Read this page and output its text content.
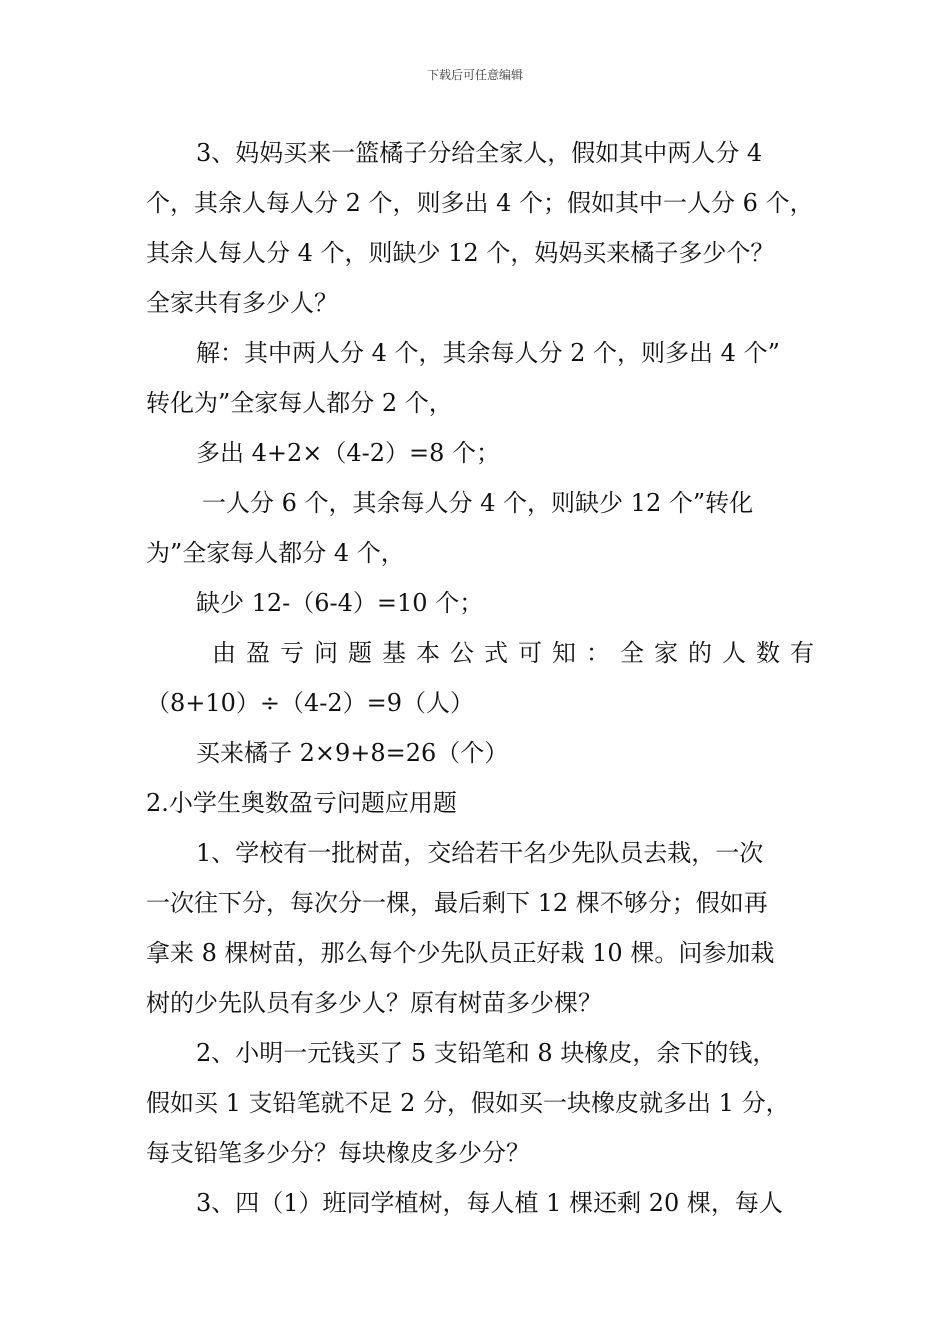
下载后可任意编辑
3、妈妈买来一篮橘子分给全家人，假如其中两人分 4
个，其余人每人分 2 个，则多出 4 个；假如其中一人分 6 个，
其余人每人分 4 个，则缺少 12 个，妈妈买来橘子多少个？
全家共有多少人？
解：其中两人分 4 个，其余每人分 2 个，则多出 4 个”
转化为”全家每人都分 2 个，
多出 4+2×（4-2）=8 个；
一人分 6 个，其余每人分 4 个，则缺少 12 个”转化
为”全家每人都分 4 个，
缺少 12-（6-4）=10 个；
由 盈 亏 问 题 基 本 公 式 可 知 ： 全 家 的 人 数 有
（8+10）÷（4-2）=9（人）
买来橘子 2×9+8=26（个）
2.小学生奥数盈亏问题应用题
1、学校有一批树苗，交给若干名少先队员去栽，一次
一次往下分，每次分一棵，最后剩下 12 棵不够分；假如再
拿来 8 棵树苗，那么每个少先队员正好栽 10 棵。问参加栽
树的少先队员有多少人？原有树苗多少棵？
2、小明一元钱买了 5 支铅笔和 8 块橡皮，余下的钱，
假如买 1 支铅笔就不足 2 分，假如买一块橡皮就多出 1 分，
每支铅笔多少分？每块橡皮多少分？
3、四（1）班同学植树，每人植 1 棵还剩 20 棵，每人
